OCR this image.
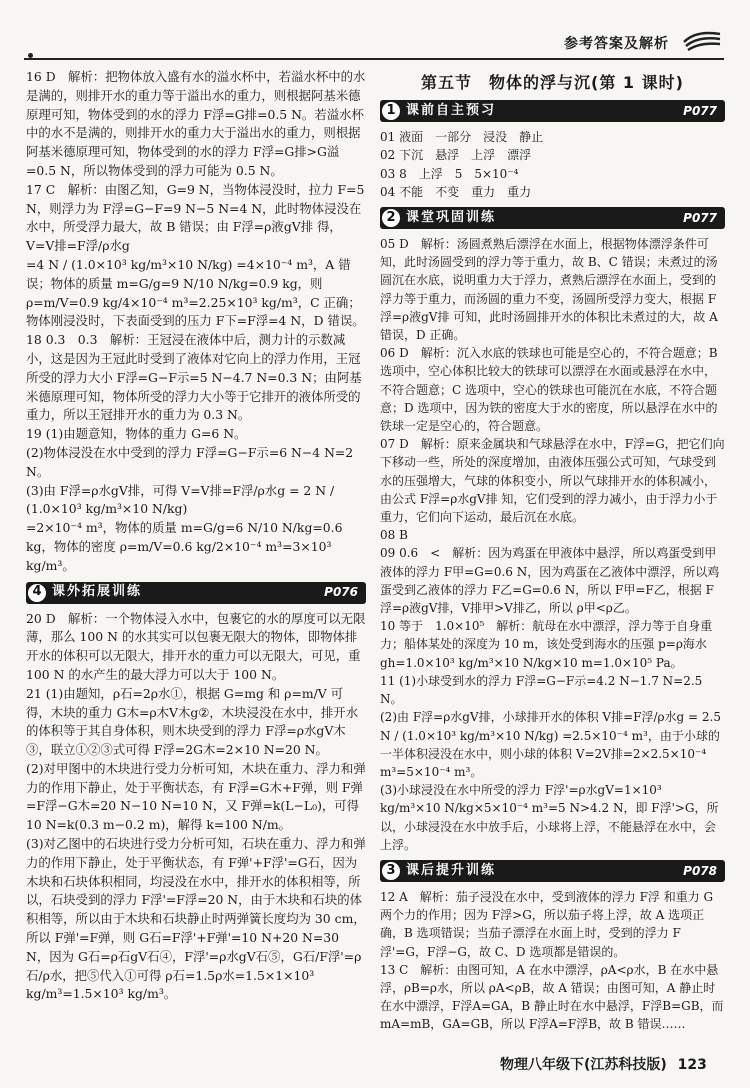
参考答案及解析

16 D　解析：把物体放入盛有水的溢水杯中，若溢水杯中的水是满的，则排开水的重力等于溢出水的重力，则根据阿基米德原理可知，物体受到的水的浮力 F浮=G排=0.5 N。若溢水杯中的水不是满的，则排开水的重力大于溢出水的重力，则根据阿基米德原理可知，物体受到的水的浮力 F浮=G排>G溢=0.5 N，所以物体受到的浮力可能为 0.5 N。

17 C　解析：由图乙知，G=9 N，当物体浸没时，拉力 F=5 N，则浮力为 F浮=G−F=9 N−5 N=4 N，此时物体浸没在水中，所受浮力最大，故 B 错误；由 F浮=ρ液gV排 得，V=V排=F浮/ρ水g

=4 N / (1.0×10³ kg/m³×10 N/kg) =4×10⁻⁴ m³，A 错误；物体的质量 m=G/g=9 N/10 N/kg=0.9 kg，则 ρ=m/V=0.9 kg/4×10⁻⁴ m³=2.25×10³ kg/m³，C 正确；物体刚浸没时，下表面受到的压力 F下=F浮=4 N，D 错误。

18 0.3　0.3　解析：王冠浸在液体中后，测力计的示数减小，这是因为王冠此时受到了液体对它向上的浮力作用，王冠所受的浮力大小 F浮=G−F示=5 N−4.7 N=0.3 N；由阿基米德原理可知，物体所受的浮力大小等于它排开的液体所受的重力，所以王冠排开水的重力为 0.3 N。

19 (1)由题意知，物体的重力 G=6 N。

(2)物体浸没在水中受到的浮力 F浮=G−F示=6 N−4 N=2 N。

(3)由 F浮=ρ水gV排，可得 V=V排=F浮/ρ水g = 2 N / (1.0×10³ kg/m³×10 N/kg)

=2×10⁻⁴ m³，物体的质量 m=G/g=6 N/10 N/kg=0.6 kg，物体的密度 ρ=m/V=0.6 kg/2×10⁻⁴ m³=3×10³ kg/m³。

4 课外拓展训练	P076

20 D　解析：一个物体浸入水中，包裹它的水的厚度可以无限薄，那么 100 N 的水其实可以包裹无限大的物体，即物体排开水的体积可以无限大，排开水的重力可以无限大，可见，重 100 N 的水产生的最大浮力可以大于 100 N。

21 (1)由题知，ρ石=2ρ水①，根据 G=mg 和 ρ=m/V 可得，木块的重力 G木=ρ木V木g②，木块浸没在水中，排开水的体积等于其自身体积，则木块受到的浮力 F浮=ρ水gV木③，联立①②③式可得 F浮=2G木=2×10 N=20 N。

(2)对甲图中的木块进行受力分析可知，木块在重力、浮力和弹力的作用下静止，处于平衡状态，有 F浮=G木+F弹，则 F弹=F浮−G木=20 N−10 N=10 N，又 F弹=k(L−L₀)，可得 10 N=k(0.3 m−0.2 m)，解得 k=100 N/m。

(3)对乙图中的石块进行受力分析可知，石块在重力、浮力和弹力的作用下静止，处于平衡状态，有 F弹'+F浮'=G石，因为木块和石块体积相同，均浸没在水中，排开水的体积相等，所以，石块受到的浮力 F浮'=F浮=20 N，由于木块和石块的体积相等，所以由于木块和石块静止时两弹簧长度均为 30 cm，所以 F弹'=F弹，则 G石=F浮'+F弹'=10 N+20 N=30 N，因为 G石=ρ石gV石④，F浮'=ρ水gV石⑤，G石/F浮'=ρ石/ρ水，把⑤代入①可得 ρ石=1.5ρ水=1.5×1×10³ kg/m³=1.5×10³ kg/m³。

第五节　物体的浮与沉(第 1 课时)
1 课前自主预习	P077

01 液面　一部分　浸没　静止

02 下沉　悬浮　上浮　漂浮

03 8　上浮　5　5×10⁻⁴

04 不能　不变　重力　重力

2 课堂巩固训练	P077

05 D　解析：汤圆煮熟后漂浮在水面上，根据物体漂浮条件可知，此时汤圆受到的浮力等于重力，故 B、C 错误；未煮过的汤圆沉在水底，说明重力大于浮力，煮熟后漂浮在水面上，受到的浮力等于重力，而汤圆的重力不变，汤圆所受浮力变大，根据 F浮=ρ液gV排 可知，此时汤圆排开水的体积比未煮过的大，故 A 错误，D 正确。

06 D　解析：沉入水底的铁球也可能是空心的，不符合题意；B 选项中，空心体积比较大的铁球可以漂浮在水面或悬浮在水中，不符合题意；C 选项中，空心的铁球也可能沉在水底，不符合题意；D 选项中，因为铁的密度大于水的密度，所以悬浮在水中的铁球一定是空心的，符合题意。

07 D　解析：原来金属块和气球悬浮在水中，F浮=G，把它们向下移动一些，所处的深度增加，由液体压强公式可知，气球受到水的压强增大，气球的体积变小，所以气球排开水的体积减小，由公式 F浮=ρ水gV排 知，它们受到的浮力减小，由于浮力小于重力，它们向下运动，最后沉在水底。

08 B

09 0.6　<　解析：因为鸡蛋在甲液体中悬浮，所以鸡蛋受到甲液体的浮力 F甲=G=0.6 N，因为鸡蛋在乙液体中漂浮，所以鸡蛋受到乙液体的浮力 F乙=G=0.6 N，所以 F甲=F乙，根据 F浮=ρ液gV排，V排甲>V排乙，所以 ρ甲<ρ乙。

10 等于　1.0×10⁵　解析：航母在水中漂浮，浮力等于自身重力；船体某处的深度为 10 m，该处受到海水的压强 p=ρ海水gh=1.0×10³ kg/m³×10 N/kg×10 m=1.0×10⁵ Pa。

11 (1)小球受到水的浮力 F浮=G−F示=4.2 N−1.7 N=2.5 N。

(2)由 F浮=ρ水gV排，小球排开水的体积 V排=F浮/ρ水g = 2.5 N / (1.0×10³ kg/m³×10 N/kg) =2.5×10⁻⁴ m³，由于小球的一半体积浸没在水中，则小球的体积 V=2V排=2×2.5×10⁻⁴ m³=5×10⁻⁴ m³。

(3)小球浸没在水中所受的浮力 F浮'=ρ水gV=1×10³ kg/m³×10 N/kg×5×10⁻⁴ m³=5 N>4.2 N，即 F浮'>G，所以，小球浸没在水中放手后，小球将上浮，不能悬浮在水中，会上浮。

3 课后提升训练	P078

12 A　解析：茄子浸没在水中，受到液体的浮力 F浮 和重力 G 两个力的作用；因为 F浮>G，所以茄子将上浮，故 A 选项正确，B 选项错误；当茄子漂浮在水面上时，受到的浮力 F浮'=G，F浮−G，故 C、D 选项都是错误的。

13 C　解析：由图可知，A 在水中漂浮，ρA<ρ水，B 在水中悬浮，ρB=ρ水，所以 ρA<ρB，故 A 错误；由图可知，A 静止时在水中漂浮，F浮A=GA，B 静止时在水中悬浮，F浮B=GB，而 mA=mB，GA=GB，所以 F浮A=F浮B，故 B 错误……

物理八年级下(江苏科技版) 123
